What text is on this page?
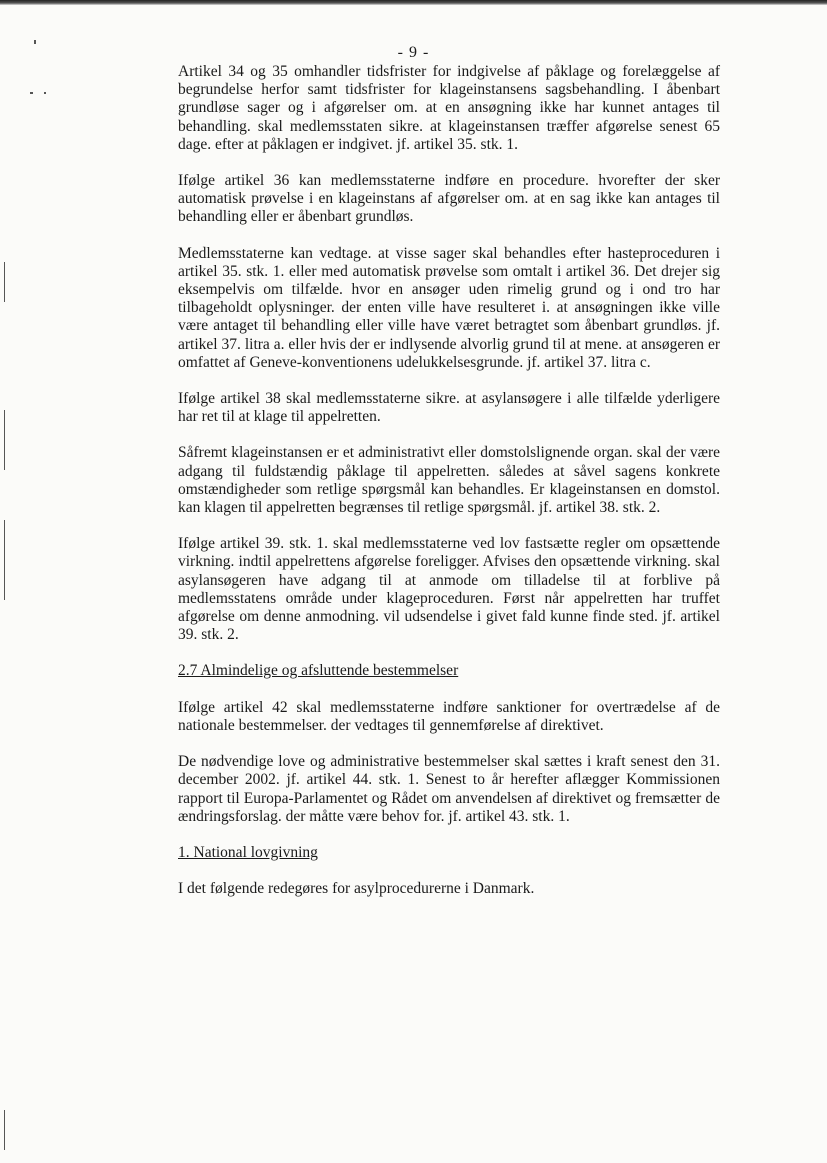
- 9 -

Artikel 34 og 35 omhandler tidsfrister for indgivelse af påklage og forelæggelse af begrundelse herfor samt tidsfrister for klageinstansens sagsbehandling. I åbenbart grundløse sager og i afgørelser om. at en ansøgning ikke har kunnet antages til behandling. skal medlemsstaten sikre. at klageinstansen træffer afgørelse senest 65 dage. efter at påklagen er indgivet. jf. artikel 35. stk. 1.

Ifølge artikel 36 kan medlemsstaterne indføre en procedure. hvorefter der sker automatisk prøvelse i en klageinstans af afgørelser om. at en sag ikke kan antages til behandling eller er åbenbart grundløs.

Medlemsstaterne kan vedtage. at visse sager skal behandles efter hasteproceduren i artikel 35. stk. 1. eller med automatisk prøvelse som omtalt i artikel 36. Det drejer sig eksempelvis om tilfælde. hvor en ansøger uden rimelig grund og i ond tro har tilbageholdt oplysninger. der enten ville have resulteret i. at ansøgningen ikke ville være antaget til behandling eller ville have været betragtet som åbenbart grundløs. jf. artikel 37. litra a. eller hvis der er indlysende alvorlig grund til at mene. at ansøgeren er omfattet af Geneve-konventionens udelukkelsesgrunde. jf. artikel 37. litra c.

Ifølge artikel 38 skal medlemsstaterne sikre. at asylansøgere i alle tilfælde yderligere har ret til at klage til appelretten.

Såfremt klageinstansen er et administrativt eller domstolslignende organ. skal der være adgang til fuldstændig påklage til appelretten. således at såvel sagens konkrete omstændigheder som retlige spørgsmål kan behandles. Er klageinstansen en domstol. kan klagen til appelretten begrænses til retlige spørgsmål. jf. artikel 38. stk. 2.

Ifølge artikel 39. stk. 1. skal medlemsstaterne ved lov fastsætte regler om opsættende virkning. indtil appelrettens afgørelse foreligger. Afvises den opsættende virkning. skal asylansøgeren have adgang til at anmode om tilladelse til at forblive på medlemsstatens område under klageproceduren. Først når appelretten har truffet afgørelse om denne anmodning. vil udsendelse i givet fald kunne finde sted. jf. artikel 39. stk. 2.

2.7 Almindelige og afsluttende bestemmelser

Ifølge artikel 42 skal medlemsstaterne indføre sanktioner for overtrædelse af de nationale bestemmelser. der vedtages til gennemførelse af direktivet.

De nødvendige love og administrative bestemmelser skal sættes i kraft senest den 31. december 2002. jf. artikel 44. stk. 1. Senest to år herefter aflægger Kommissionen rapport til Europa-Parlamentet og Rådet om anvendelsen af direktivet og fremsætter de ændringsforslag. der måtte være behov for. jf. artikel 43. stk. 1.

1. National lovgivning

I det følgende redegøres for asylprocedurerne i Danmark.
